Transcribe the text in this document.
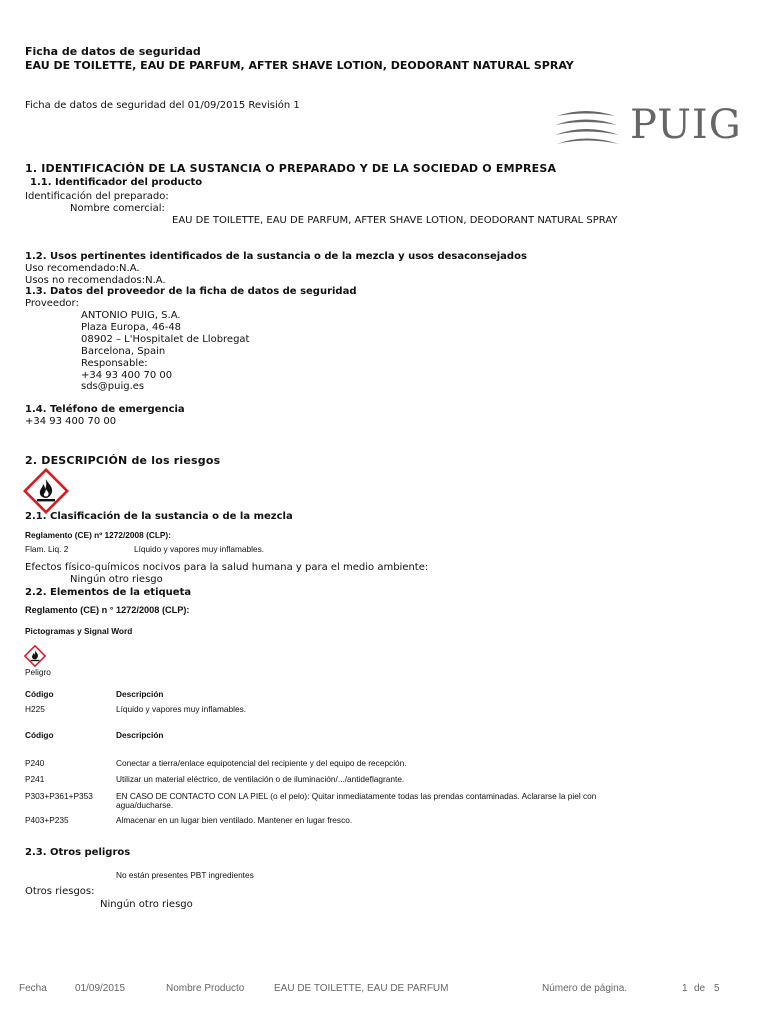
Ficha de datos de seguridad
EAU DE TOILETTE, EAU DE PARFUM, AFTER SHAVE LOTION, DEODORANT NATURAL SPRAY
Ficha de datos de seguridad del 01/09/2015 Revisión 1	PUIG
1. IDENTIFICACIÓN DE LA SUSTANCIA O PREPARADO Y DE LA SOCIEDAD O EMPRESA
1.1. Identificador del producto
Identificación del preparado:
Nombre comercial:
EAU DE TOILETTE, EAU DE PARFUM, AFTER SHAVE LOTION, DEODORANT NATURAL SPRAY
1.2. Usos pertinentes identificados de la sustancia o de la mezcla y usos desaconsejados
Uso recomendado:N.A.
Usos no recomendados:N.A.
1.3. Datos del proveedor de la ficha de datos de seguridad
Proveedor:
ANTONIO PUIG, S.A.
Plaza Europa, 46-48
08902 – L'Hospitalet de Llobregat
Barcelona, Spain
Responsable:
+34 93 400 70 00
sds@puig.es
1.4. Teléfono de emergencia
+34 93 400 70 00
2. DESCRIPCIÓN de los riesgos
2.1. Clasificación de la sustancia o de la mezcla
Reglamento (CE) nº 1272/2008 (CLP):
Flam. Liq. 2	Líquido y vapores muy inflamables.
Efectos físico-químicos nocivos para la salud humana y para el medio ambiente:
Ningún otro riesgo
2.2. Elementos de la etiqueta
Reglamento (CE) n ° 1272/2008 (CLP):
Pictogramas y Signal Word
Peligro
Código	Descripción
H225	Líquido y vapores muy inflamables.
Código	Descripción
P240	Conectar a tierra/enlace equipotencial del recipiente y del equipo de recepción.
P241	Utilizar un material eléctrico, de ventilación o de iluminación/.../antideflagrante.
P303+P361+P353	EN CASO DE CONTACTO CON LA PIEL (o el pelo): Quitar inmediatamente todas las prendas contaminadas. Aclararse la piel con
agua/ducharse.
P403+P235	Almacenar en un lugar bien ventilado. Mantener en lugar fresco.
2.3. Otros peligros
No están presentes PBT ingredientes
Otros riesgos:
Ningún otro riesgo
Fecha	01/09/2015	Nombre Producto	EAU DE TOILETTE, EAU DE PARFUM	Número de página.	1 de 5
